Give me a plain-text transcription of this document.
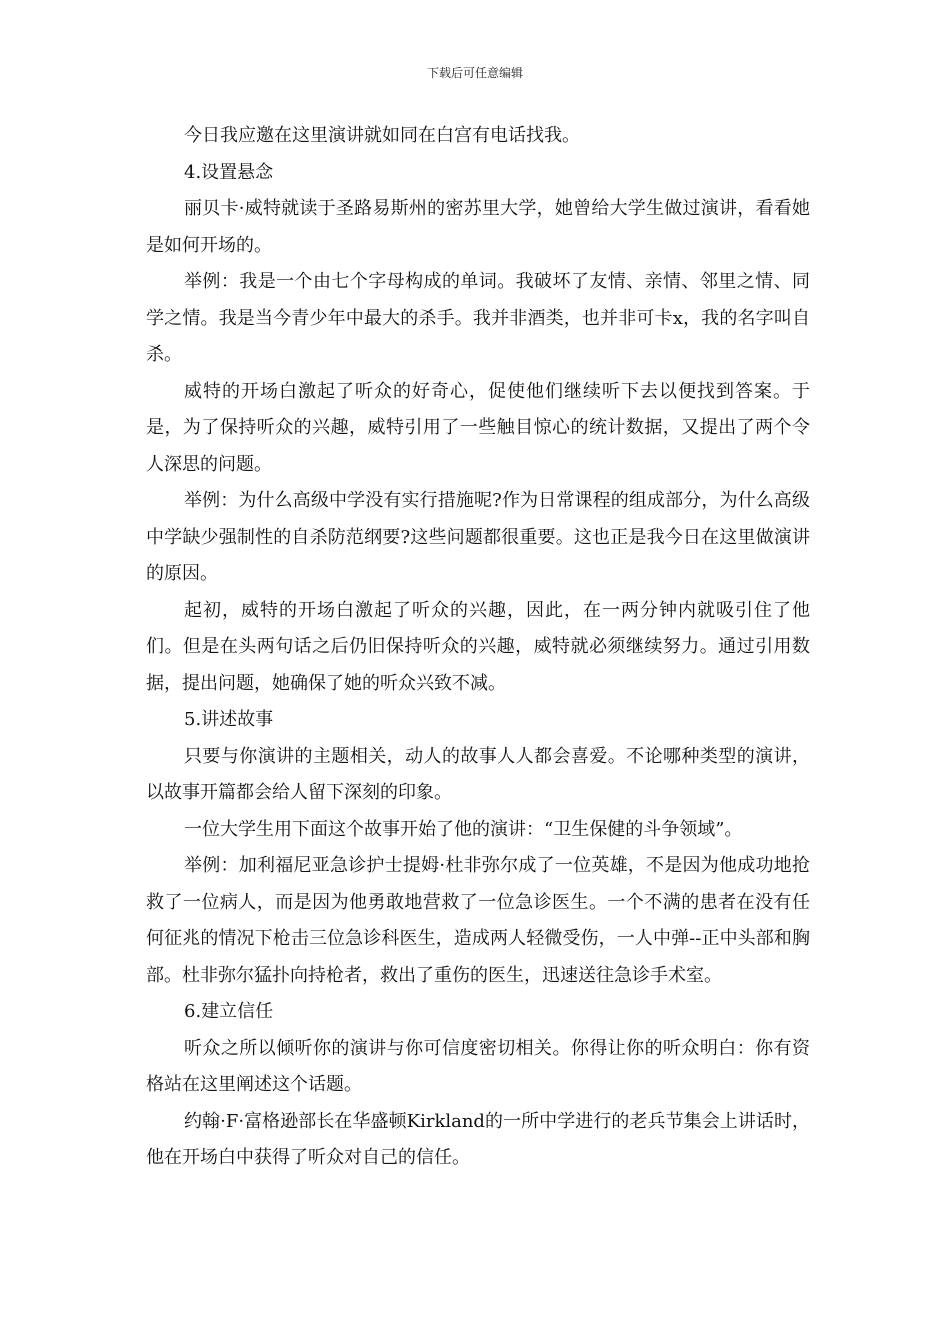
下载后可任意编辑

今日我应邀在这里演讲就如同在白宫有电话找我。

4.设置悬念

丽贝卡·威特就读于圣路易斯州的密苏里大学，她曾给大学生做过演讲，看看她是如何开场的。

举例：我是一个由七个字母构成的单词。我破坏了友情、亲情、邻里之情、同学之情。我是当今青少年中最大的杀手。我并非酒类，也并非可卡x，我的名字叫自杀。

威特的开场白激起了听众的好奇心，促使他们继续听下去以便找到答案。于是，为了保持听众的兴趣，威特引用了一些触目惊心的统计数据，又提出了两个令人深思的问题。

举例：为什么高级中学没有实行措施呢?作为日常课程的组成部分，为什么高级中学缺少强制性的自杀防范纲要?这些问题都很重要。这也正是我今日在这里做演讲的原因。

起初，威特的开场白激起了听众的兴趣，因此，在一两分钟内就吸引住了他们。但是在头两句话之后仍旧保持听众的兴趣，威特就必须继续努力。通过引用数据，提出问题，她确保了她的听众兴致不减。

5.讲述故事

只要与你演讲的主题相关，动人的故事人人都会喜爱。不论哪种类型的演讲，以故事开篇都会给人留下深刻的印象。

一位大学生用下面这个故事开始了他的演讲：“卫生保健的斗争领域”。

举例：加利福尼亚急诊护士提姆·杜非弥尔成了一位英雄，不是因为他成功地抢救了一位病人，而是因为他勇敢地营救了一位急诊医生。一个不满的患者在没有任何征兆的情况下枪击三位急诊科医生，造成两人轻微受伤，一人中弹--正中头部和胸部。杜非弥尔猛扑向持枪者，救出了重伤的医生，迅速送往急诊手术室。

6.建立信任

听众之所以倾听你的演讲与你可信度密切相关。你得让你的听众明白：你有资格站在这里阐述这个话题。

约翰·F·富格逊部长在华盛顿Kirkland的一所中学进行的老兵节集会上讲话时，他在开场白中获得了听众对自己的信任。
